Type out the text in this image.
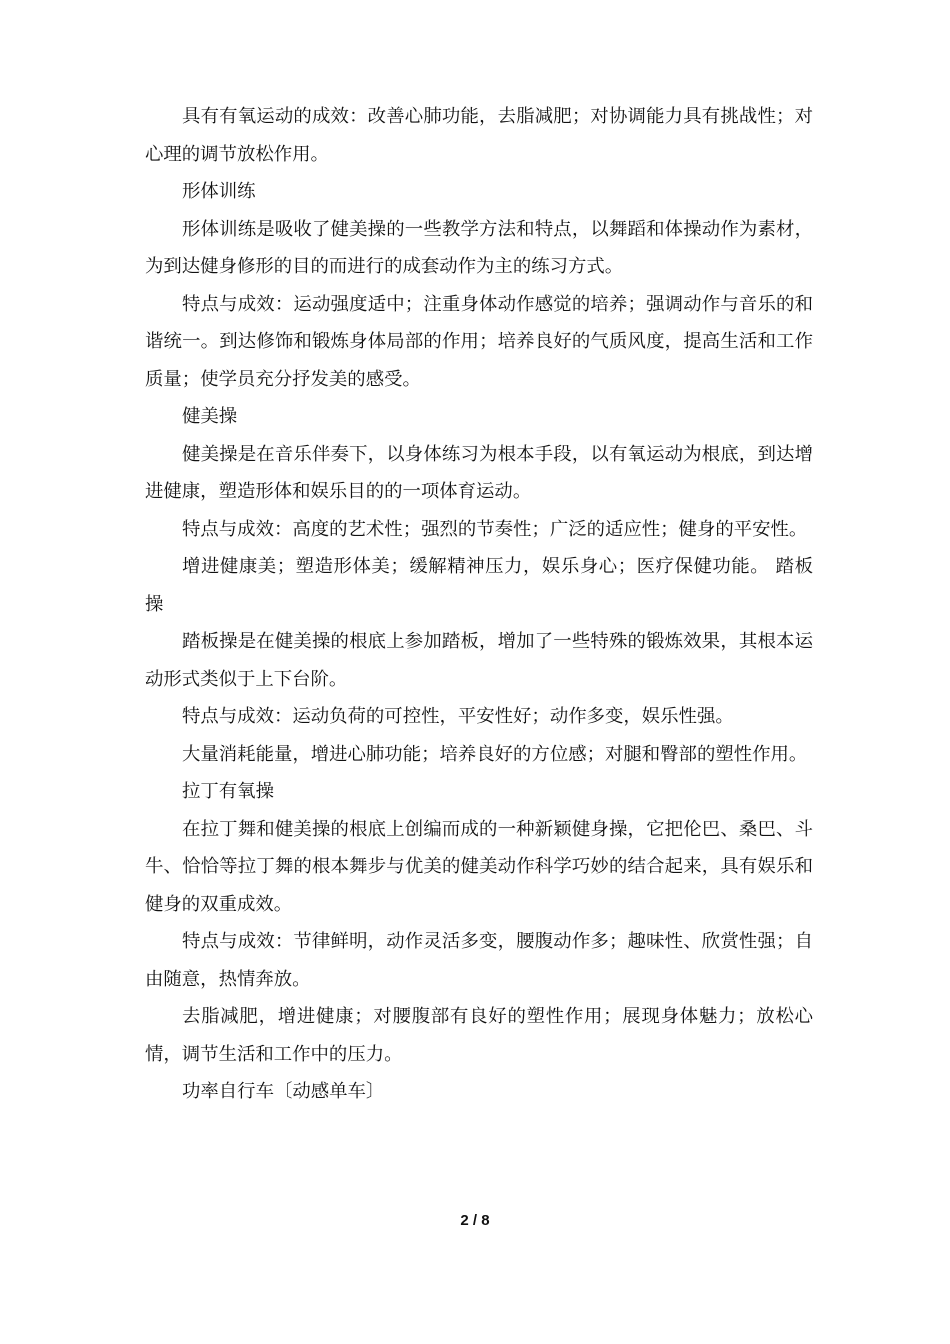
具有有氧运动的成效：改善心肺功能，去脂减肥；对协调能力具有挑战性；对心理的调节放松作用。

形体训练

形体训练是吸收了健美操的一些教学方法和特点，以舞蹈和体操动作为素材，为到达健身修形的目的而进行的成套动作为主的练习方式。

特点与成效：运动强度适中；注重身体动作感觉的培养；强调动作与音乐的和谐统一。到达修饰和锻炼身体局部的作用；培养良好的气质风度，提高生活和工作质量；使学员充分抒发美的感受。

健美操

健美操是在音乐伴奏下，以身体练习为根本手段，以有氧运动为根底，到达增进健康，塑造形体和娱乐目的的一项体育运动。

特点与成效：高度的艺术性；强烈的节奏性；广泛的适应性；健身的平安性。

增进健康美；塑造形体美；缓解精神压力，娱乐身心；医疗保健功能。 踏板操

踏板操是在健美操的根底上参加踏板，增加了一些特殊的锻炼效果，其根本运动形式类似于上下台阶。

特点与成效：运动负荷的可控性，平安性好；动作多变，娱乐性强。

大量消耗能量，增进心肺功能；培养良好的方位感；对腿和臀部的塑性作用。

拉丁有氧操

在拉丁舞和健美操的根底上创编而成的一种新颖健身操，它把伦巴、桑巴、斗牛、恰恰等拉丁舞的根本舞步与优美的健美动作科学巧妙的结合起来，具有娱乐和健身的双重成效。

特点与成效：节律鲜明，动作灵活多变，腰腹动作多；趣味性、欣赏性强；自由随意，热情奔放。

去脂减肥，增进健康；对腰腹部有良好的塑性作用；展现身体魅力；放松心情，调节生活和工作中的压力。

功率自行车〔动感单车〕

2 / 8
